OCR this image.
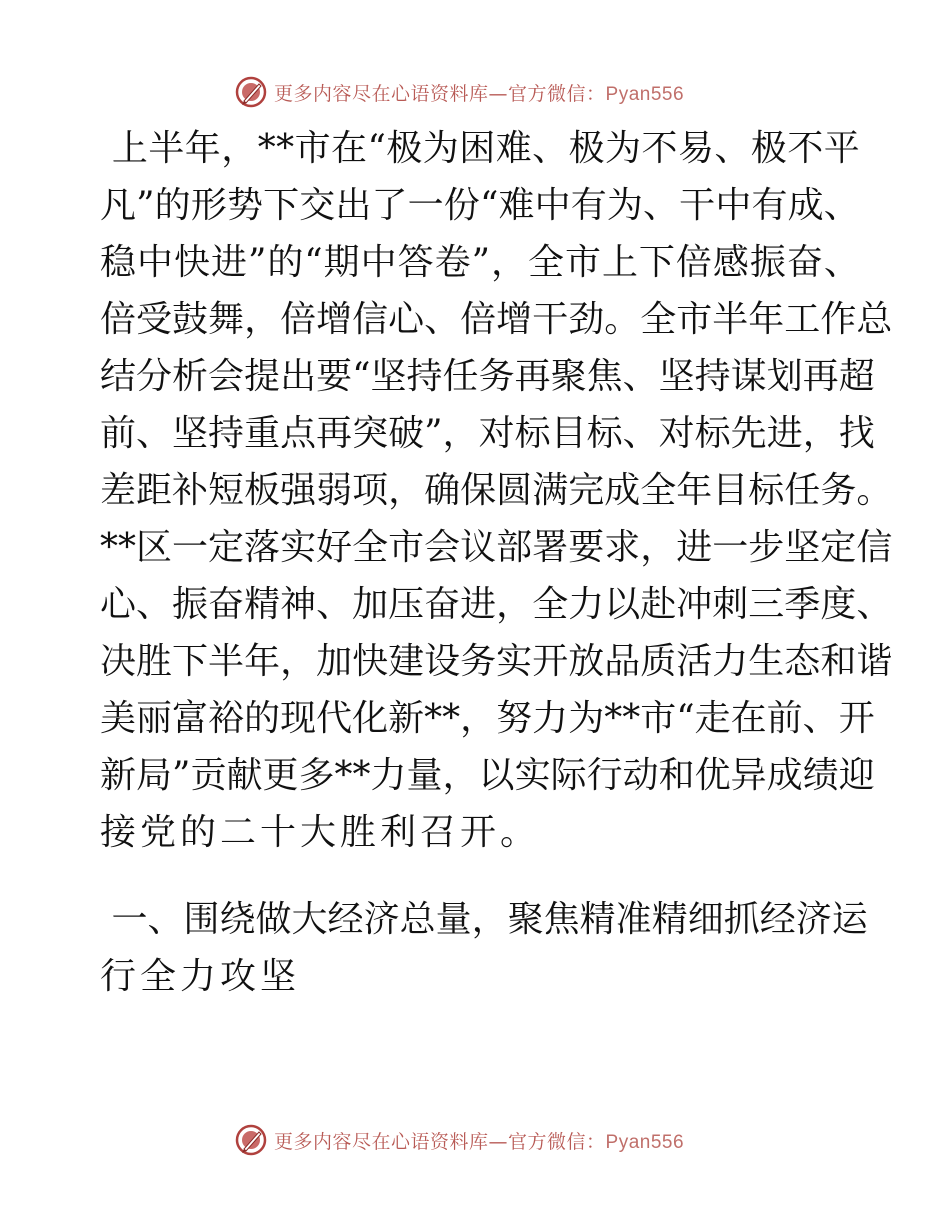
更多内容尽在心语资料库—官方微信：Pyan556

上 半 年 ， * * 市 在 “ 极 为 困 难 、 极 为 不 易 、 极 不 平
凡 ” 的 形 势 下 交 出 了 一 份 “ 难 中 有 为 、 干 中 有 成 、
稳 中 快 进 ” 的 “ 期 中 答 卷 ” ， 全 市 上 下 倍 感 振 奋 、
倍 受 鼓 舞 ， 倍 增 信 心 、 倍 增 干 劲 。 全 市 半 年 工 作 总
结 分 析 会 提 出 要 “ 坚 持 任 务 再 聚 焦 、 坚 持 谋 划 再 超
前 、 坚 持 重 点 再 突 破 ” ， 对 标 目 标 、 对 标 先 进 ， 找
差 距 补 短 板 强 弱 项 ， 确 保 圆 满 完 成 全 年 目 标 任 务 。
* * 区 一 定 落 实 好 全 市 会 议 部 署 要 求 ， 进 一 步 坚 定 信
心 、 振 奋 精 神 、 加 压 奋 进 ， 全 力 以 赴 冲 刺 三 季 度 、
决 胜 下 半 年 ， 加 快 建 设 务 实 开 放 品 质 活 力 生 态 和 谐
美 丽 富 裕 的 现 代 化 新 * * ， 努 力 为 * * 市 “ 走 在 前 、 开
新 局 ” 贡 献 更 多 * * 力 量 ， 以 实 际 行 动 和 优 异 成 绩 迎
接党的二十大胜利召开。

一 、 围 绕 做 大 经 济 总 量 ， 聚 焦 精 准 精 细 抓 经 济 运
行全力攻坚
更多内容尽在心语资料库—官方微信：Pyan556
